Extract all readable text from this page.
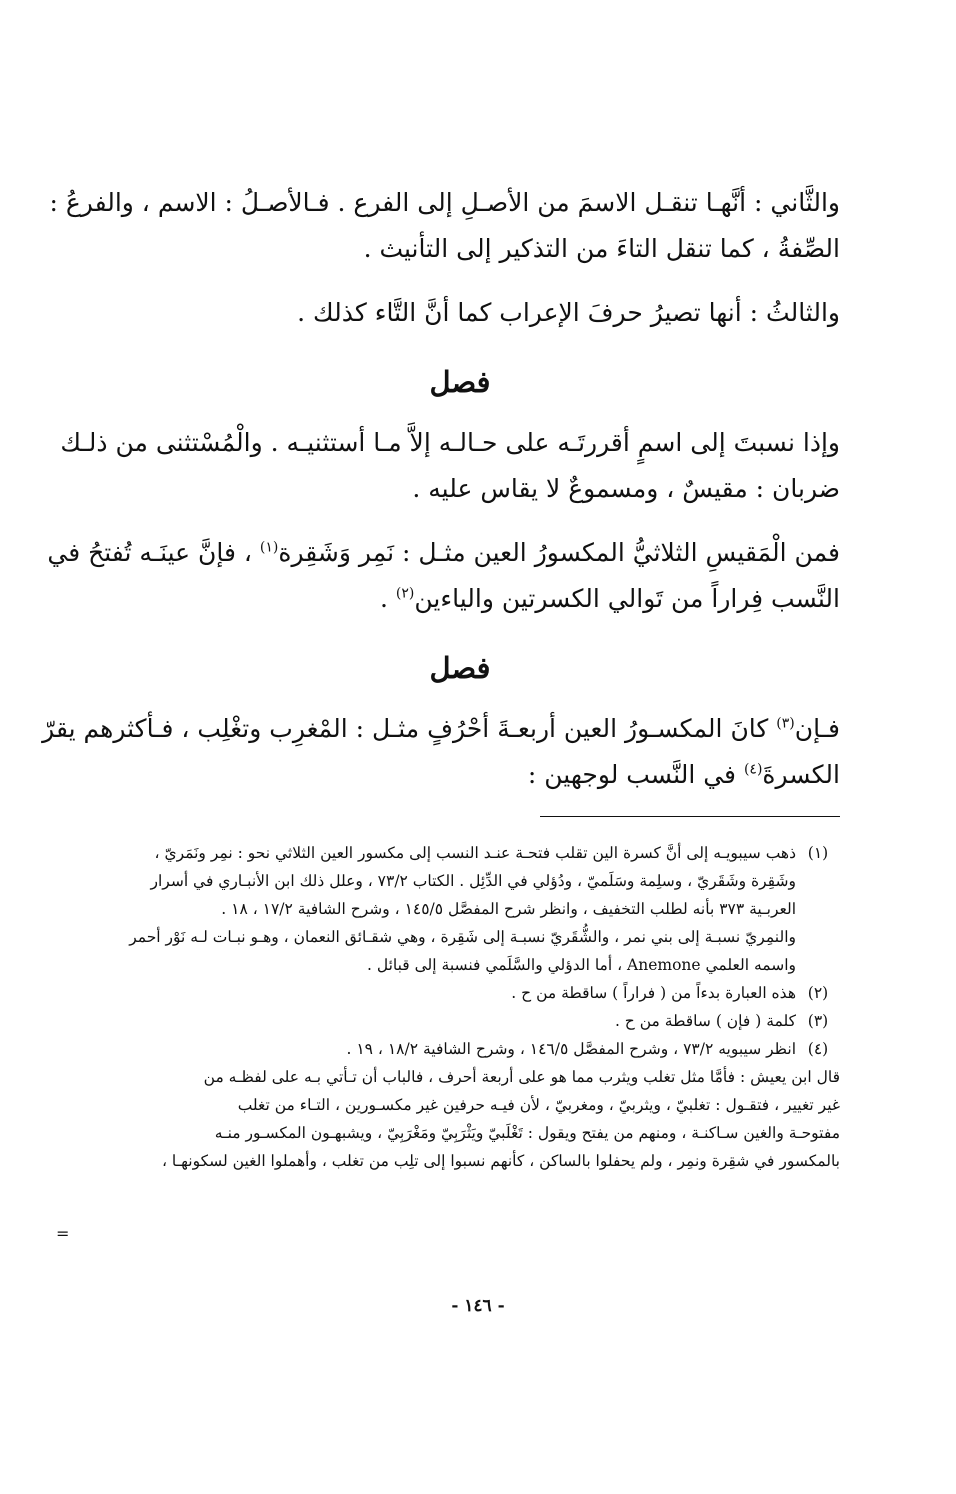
والثَّاني : أنَّهـا تنقـل الاسمَ من الأصـلِ إلى الفرع . فـالأصـلُ : الاسم ، والفرعُ :
الصِّفةُ ، كما تنقل التاءَ من التذكير إلى التأنيث .

والثالثُ : أنها تصيرُ حرفَ الإعراب كما أنَّ التَّاء كذلك .

فصل

وإذا نسبتَ إلى اسمٍ أقررتَـه على حـالـه إلاَّ مـا أستثنيـه . والْمُسْتثنى من ذلـك
ضربان : مقيسٌ ، ومسموعٌ لا يقاس عليه .

فمن الْمَقيسِ الثلاثيُّ المكسورُ العين مثـل : نَمِر وَشَقِرة$^{(١)}$ ، فإنَّ عينَـه تُفتحُ في
النَّسب فِراراً من تَوالي الكسرتين والياءين$^{(٢)}$ .

فصل

فـإن$^{(٣)}$ كانَ المكسـورُ العين أربعـةَ أحْرُفٍ مثـل : المْغرِب وتغْلِب ، فـأكثرهم يقرّ
الكسرةَ$^{(٤)}$ في النَّسب لوجهين :

(١)
ذهب سيبويـه إلى أنَّ كسرة الين تقلب فتحـة عنـد النسب إلى مكسور العين الثلاثي نحو : نمِر ونَمَريّ ،
وشَقِرة وشَقَريّ ، وسلِمة وسَلَميّ ، ودُؤلي في الدِّئِل . الكتاب ٧٣/٢ ، وعلل ذلك ابن الأنبـاري في أسرار
العربـية ٣٧٣ بأنه لطلب التخفيف ، وانظر شرح المفصَّل ١٤٥/٥ ، وشرح الشافية ١٧/٢ ، ١٨ .
والنمِريّ نسبـة إلى بني نمر ، والشُّقَريّ نسبـة إلى شَقِرة ، وهي شقـائق النعمان ، وهـو نبـات لـه نَوْر أحمر
واسمه العلمي Anemone ، أما الدؤلي والسَّلَمي فنسبة إلى قبائل .
(٢)
هذه العبارة بدءاً من ( فراراً ) ساقطة من ح .
(٣)
كلمة ( فإن ) ساقطة من ح .
(٤)
انظر سيبويه ٧٣/٢ ، وشرح المفصَّل ١٤٦/٥ ، وشرح الشافية ١٨/٢ ، ١٩ .
قال ابن يعيش : فأمَّا مثل تغلب ويثرب مما هو على أربعة أحرف ، فالباب أن تـأتي بـه على لفظـه من
غير تغيير ، فتقـول : تغلبيّ ، ويثربيّ ، ومغربيّ ، لأن فيـه حرفين غير مكسـورين ، التـاء من تغلب
مفتوحـة والغين سـاكنـة ، ومنهم من يفتح ويقول : تَغْلَبيّ ويَثْرَبِيّ ومَغْرَبِيّ ، ويشبهـون المكسـور منـه
بالمكسور في شقِرة ونمِر ، ولم يحفلوا بالساكن ، كأنهم نسبوا إلى تلِب من تغلب ، وأهملوا الغين لسكونهـا ،
=
- ١٤٦ -
